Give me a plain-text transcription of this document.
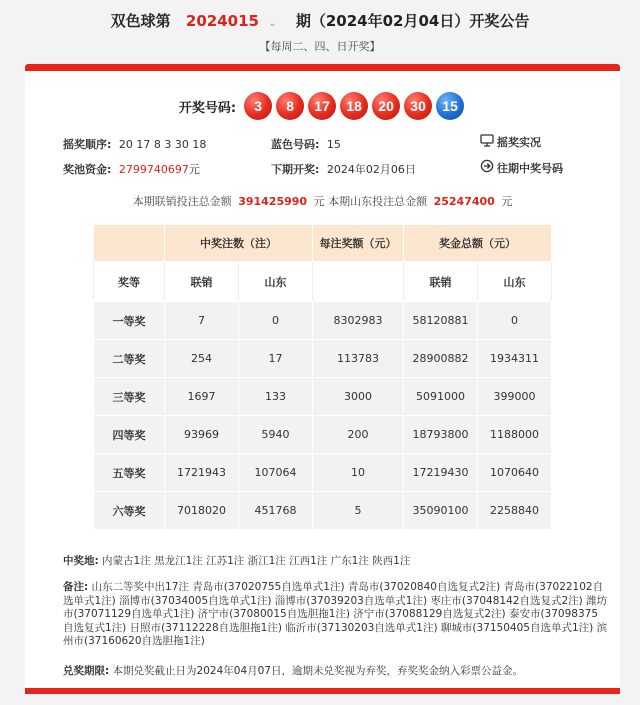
双色球第 2024015 ⌄ 期（2024年02月04日）开奖公告
【每周二、四、日开奖】
开奖号码:	3	8	17	18	20	30	15
摇奖顺序: 20 17 8 3 30 18	蓝色号码: 15	摇奖实况
奖池资金: 2799740697元	下期开奖: 2024年02月06日	往期中奖号码
本期联销投注总金额 391425990 元 本期山东投注总金额 25247400 元
	中奖注数（注）		每注奖额（元）	奖金总额（元）	
奖等	联销	山东		联销	山东
一等奖	7	0	8302983	58120881	0
二等奖	254	17	113783	28900882	1934311
三等奖	1697	133	3000	5091000	399000
四等奖	93969	5940	200	18793800	1188000
五等奖	1721943	107064	10	17219430	1070640
六等奖	7018020	451768	5	35090100	2258840
中奖地: 内蒙古1注 黑龙江1注 江苏1注 浙江1注 江西1注 广东1注 陕西1注
备注: 山东二等奖中出17注 青岛市(37020755自选单式1注) 青岛市(37020840自选复式2注) 青岛市(37022102自选单式1注) 淄博市(37034005自选单式1注) 淄博市(37039203自选单式1注) 枣庄市(37048142自选复式2注) 潍坊市(37071129自选单式1注) 济宁市(37080015自选胆拖1注) 济宁市(37088129自选复式2注) 泰安市(37098375自选复式1注) 日照市(37112228自选胆拖1注) 临沂市(37130203自选单式1注) 聊城市(37150405自选单式1注) 滨州市(37160620自选胆拖1注)
兑奖期限: 本期兑奖截止日为2024年04月07日，逾期未兑奖视为弃奖，弃奖奖金纳入彩票公益金。
